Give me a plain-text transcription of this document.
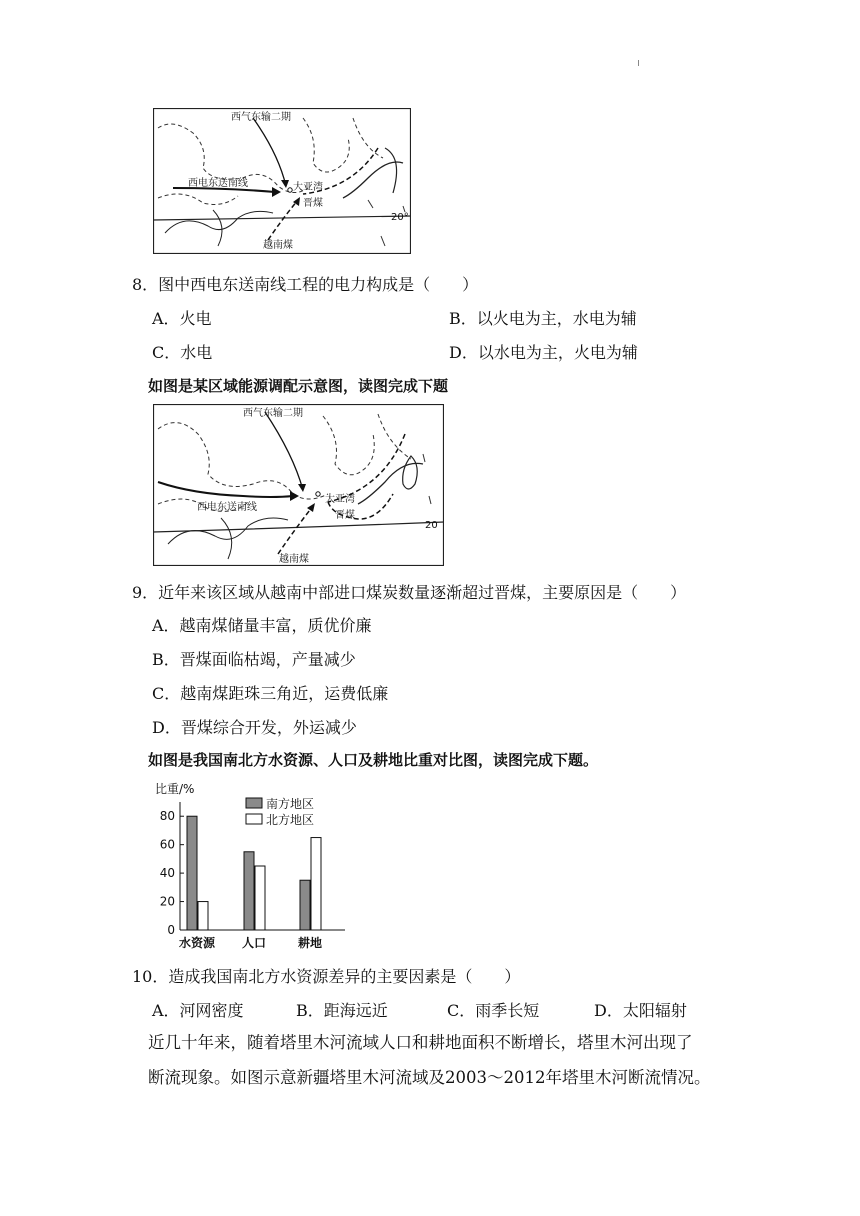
西气东输二期
西电东送南线	大亚湾
晋煤
越南煤
20°
8．图中西电东送南线工程的电力构成是（　　）
A．火电	B．以火电为主，水电为辅
C．水电	D．以水电为主，火电为辅
如图是某区域能源调配示意图，读图完成下题
西气东输二期
西电东送南线
大亚湾
晋煤
越南煤
20
9．近年来该区域从越南中部进口煤炭数量逐渐超过晋煤，主要原因是（　　）
A．越南煤储量丰富，质优价廉
B．晋煤面临枯竭，产量减少
C．越南煤距珠三角近，运费低廉
D．晋煤综合开发，外运减少
如图是我国南北方水资源、人口及耕地比重对比图，读图完成下题。
比重/%
0
20
40
60
80
南方地区
北方地区
水资源 人口	耕地
10．造成我国南北方水资源差异的主要因素是（　　）
A．河网密度	B．距海远近	C．雨季长短	D．太阳辐射
近几十年来，随着塔里木河流域人口和耕地面积不断增长，塔里木河出现了
断流现象。如图示意新疆塔里木河流域及2003～2012年塔里木河断流情况。
